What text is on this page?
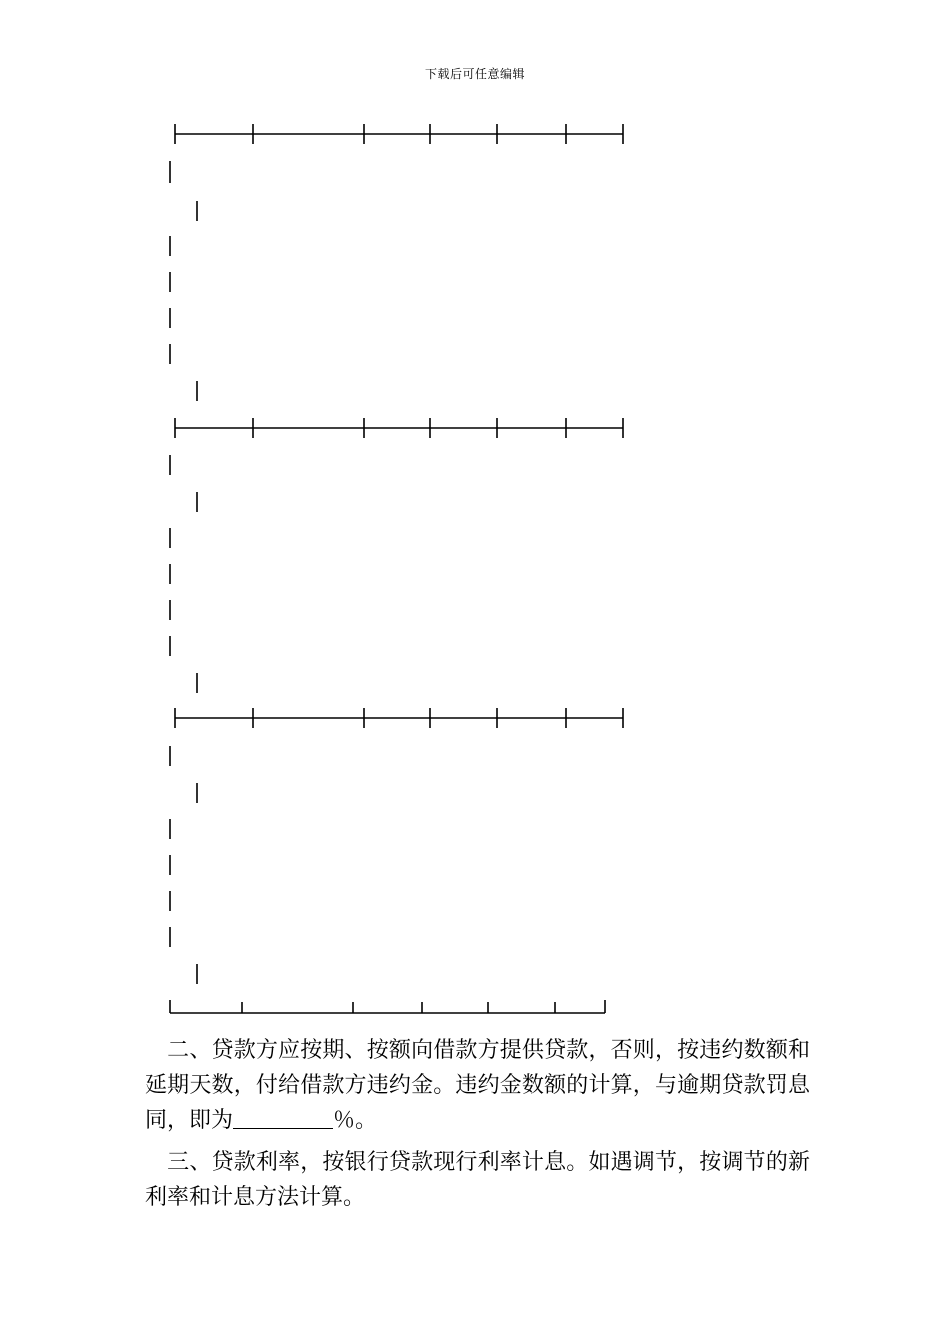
下载后可任意编辑

二、贷款方应按期、按额向借款方提供贷款，否则，按违约数额和延期天数，付给借款方违约金。违约金数额的计算，与逾期贷款罚息同，即为	％。

三、贷款利率，按银行贷款现行利率计息。如遇调节，按调节的新利率和计息方法计算。
